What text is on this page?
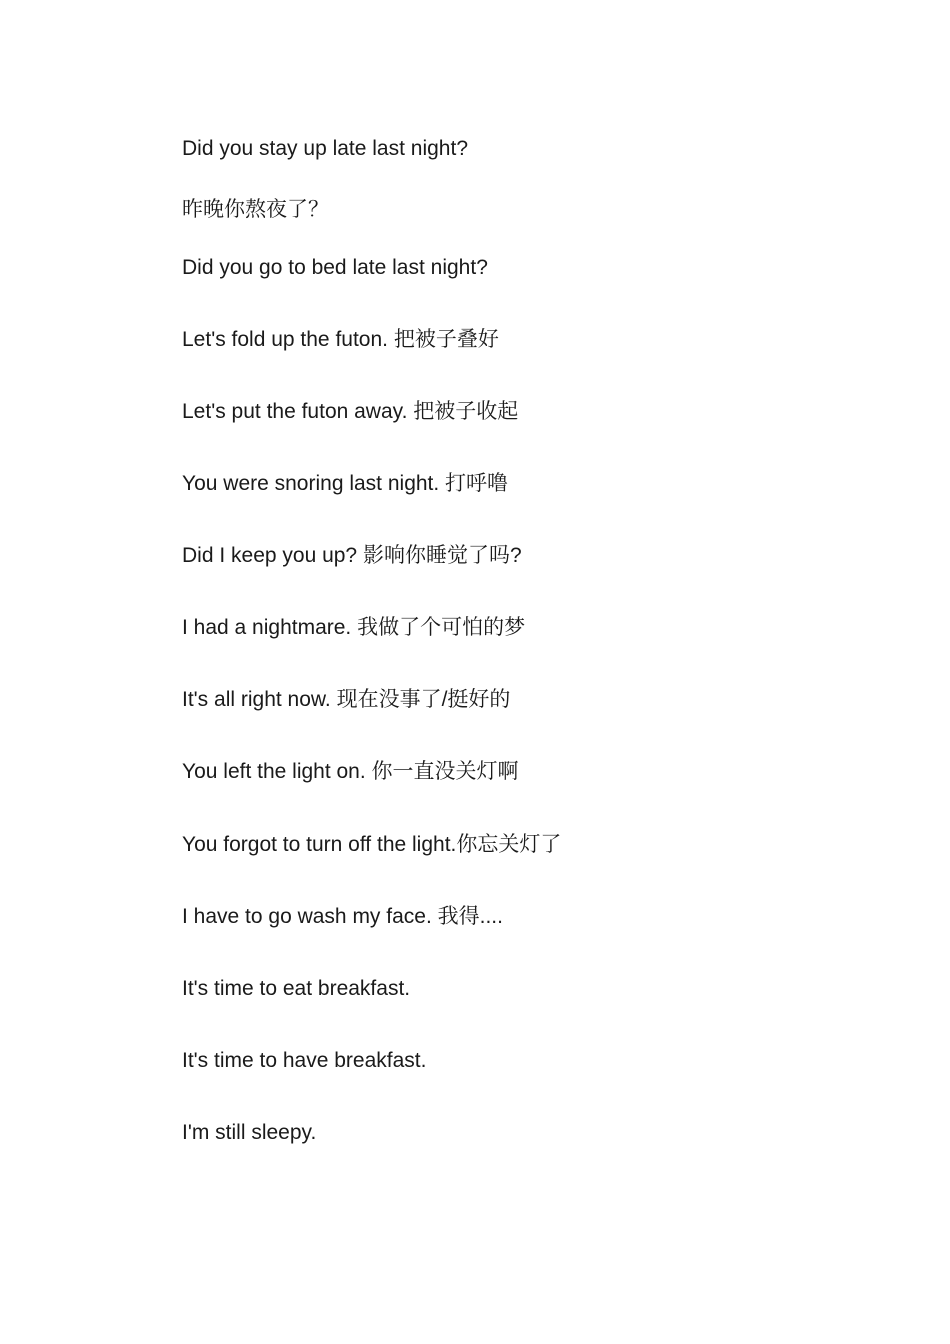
Did you stay up late last night?
昨晚你熬夜了？
Did you go to bed late last night?
Let's fold up the futon. 把被子叠好
Let's put the futon away. 把被子收起
You were snoring last night. 打呼噜
Did I keep you up? 影响你睡觉了吗?
I had a nightmare. 我做了个可怕的梦
It's all right now. 现在没事了/挺好的
You left the light on. 你一直没关灯啊
You forgot to turn off the light.你忘关灯了
I have to go wash my face. 我得....
It's time to eat breakfast.
It's time to have breakfast.
I'm still sleepy.
